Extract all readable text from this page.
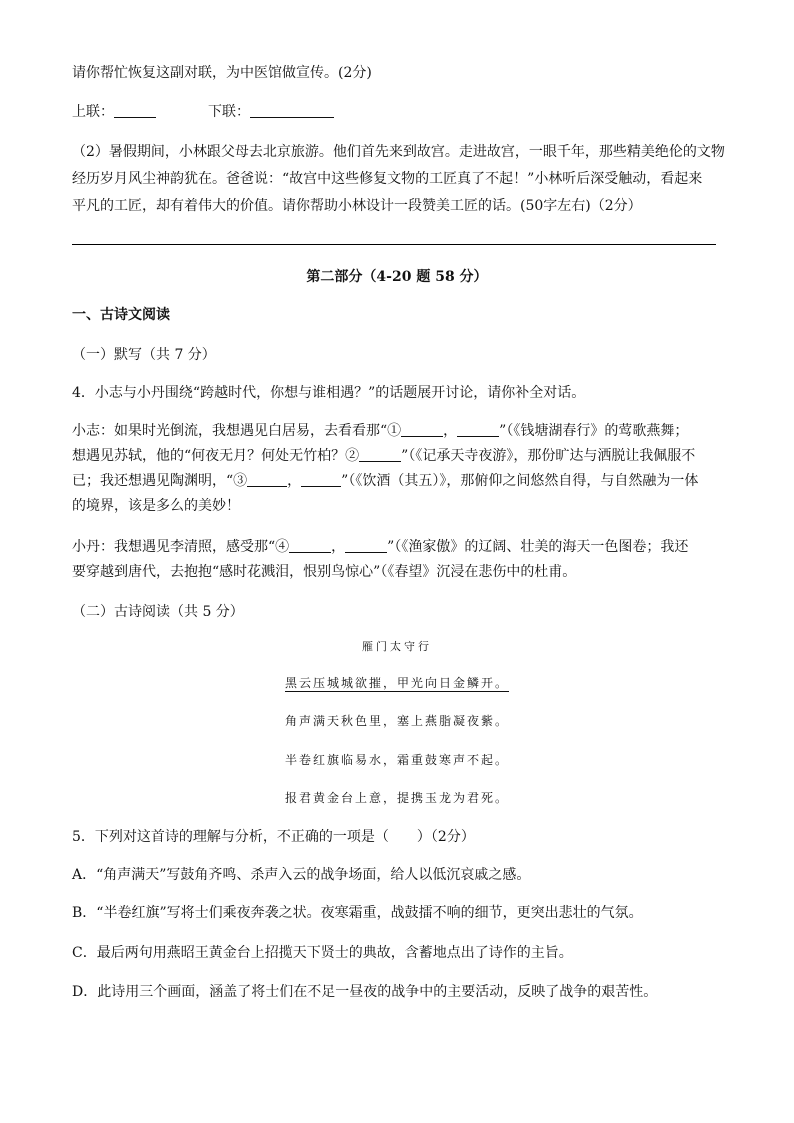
请你帮忙恢复这副对联，为中医馆做宣传。(2分)
上联：	下联：
（2）暑假期间，小林跟父母去北京旅游。他们首先来到故宫。走进故宫，一眼千年，那些精美绝伦的文物
经历岁月风尘神韵犹在。爸爸说：“故宫中这些修复文物的工匠真了不起！”小林听后深受触动，看起来
平凡的工匠，却有着伟大的价值。请你帮助小林设计一段赞美工匠的话。(50字左右)（2分）
第二部分（4-20 题 58 分）
一、古诗文阅读
（一）默写（共 7 分）
4．小志与小丹围绕“跨越时代，你想与谁相遇？”的话题展开讨论，请你补全对话。
小志：如果时光倒流，我想遇见白居易，去看看那“①	，	”（《钱塘湖春行》的莺歌燕舞；
想遇见苏轼，他的“何夜无月？何处无竹柏？②	”（《记承天寺夜游》，那份旷达与洒脱让我佩服不
已；我还想遇见陶渊明，“③	，	”（《饮酒（其五）》，那俯仰之间悠然自得，与自然融为一体
的境界，该是多么的美妙！
小丹：我想遇见李清照，感受那“④	，	”（《渔家傲》的辽阔、壮美的海天一色图卷；我还
要穿越到唐代，去抱抱“感时花溅泪，恨别鸟惊心”（《春望》沉浸在悲伤中的杜甫。
（二）古诗阅读（共 5 分）
雁门太守行
黑云压城城欲摧，甲光向日金鳞开。
角声满天秋色里，塞上燕脂凝夜紫。
半卷红旗临易水，霜重鼓寒声不起。
报君黄金台上意，提携玉龙为君死。
5．下列对这首诗的理解与分析，不正确的一项是（　　）（2分）
A．“角声满天”写鼓角齐鸣、杀声入云的战争场面，给人以低沉哀戚之感。
B．“半卷红旗”写将士们乘夜奔袭之状。夜寒霜重，战鼓擂不响的细节，更突出悲壮的气氛。
C．最后两句用燕昭王黄金台上招揽天下贤士的典故，含蓄地点出了诗作的主旨。
D．此诗用三个画面，涵盖了将士们在不足一昼夜的战争中的主要活动，反映了战争的艰苦性。
